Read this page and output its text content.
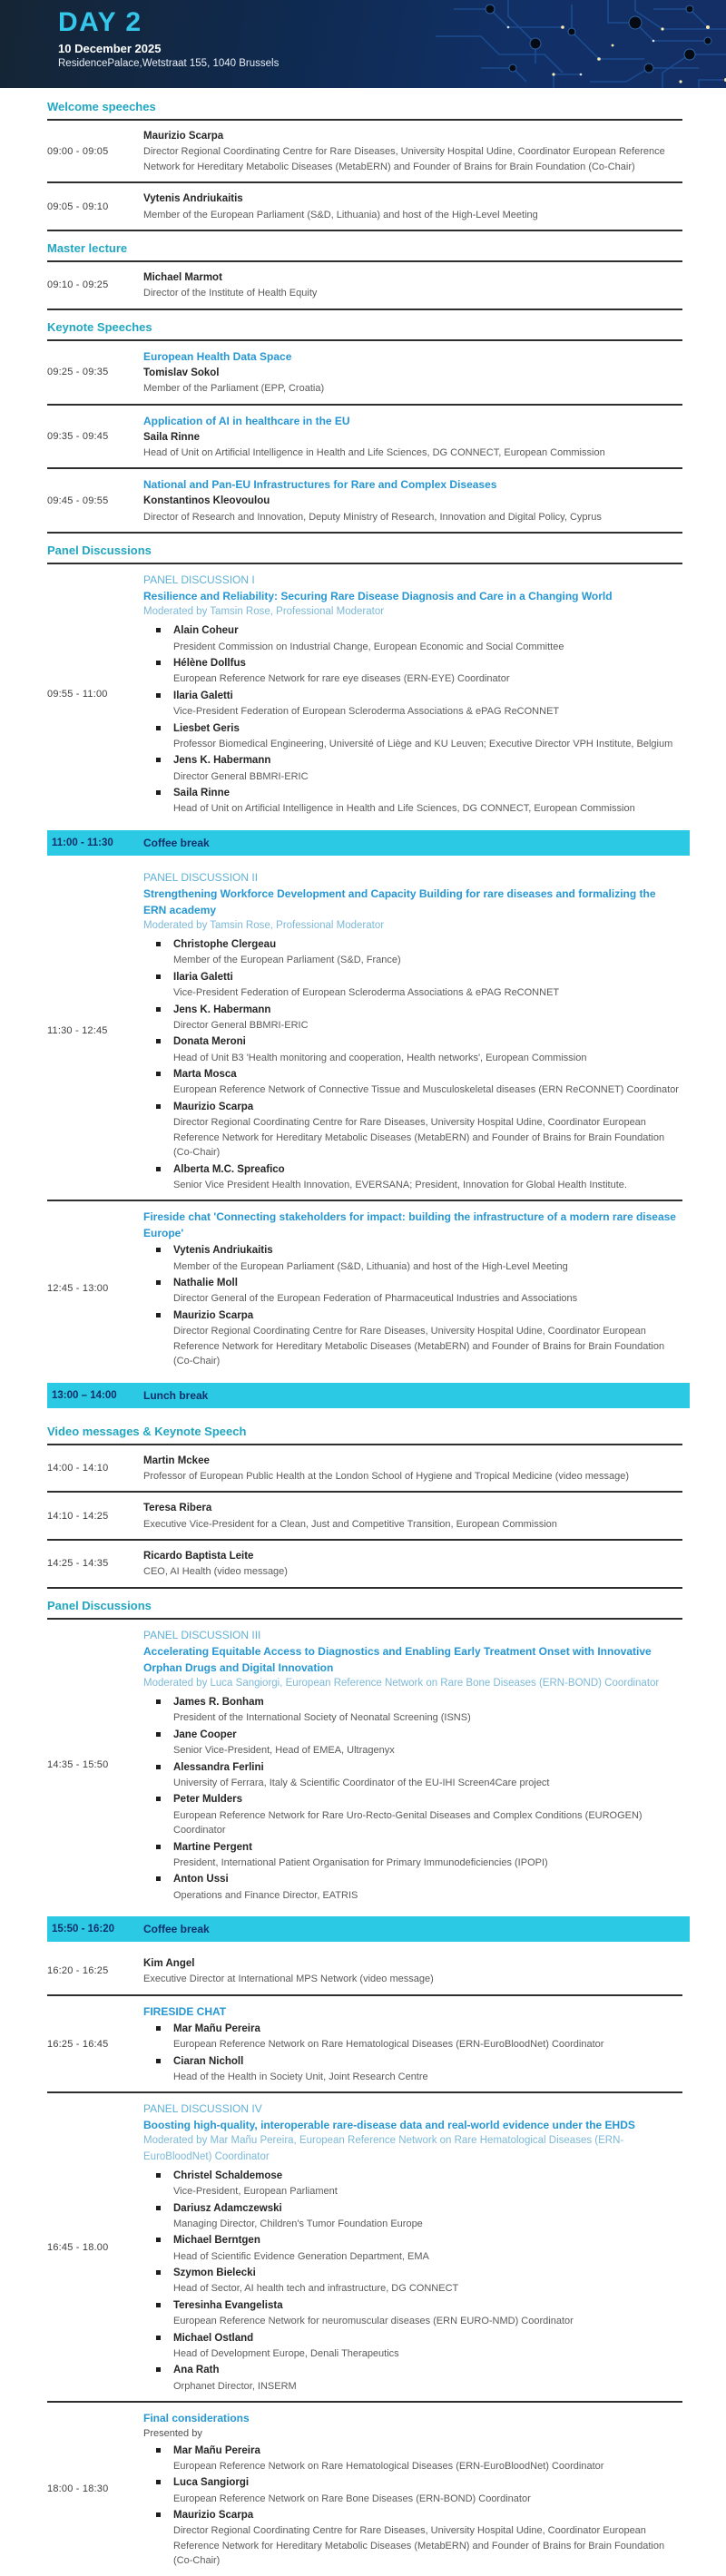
DAY 2
10 December 2025
ResidencePalace,Wetstraat 155, 1040 Brussels
Welcome speeches
09:00 - 09:05
Maurizio Scarpa
Director Regional Coordinating Centre for Rare Diseases, University Hospital Udine, Coordinator European Reference Network for Hereditary Metabolic Diseases (MetabERN) and Founder of Brains for Brain Foundation (Co-Chair)
09:05 - 09:10
Vytenis Andriukaitis
Member of the European Parliament (S&D, Lithuania) and host of the High-Level Meeting
Master lecture
09:10 - 09:25
Michael Marmot
Director of the Institute of Health Equity
Keynote Speeches
09:25 - 09:35
European Health Data Space
Tomislav Sokol
Member of the Parliament (EPP, Croatia)
09:35 - 09:45
Application of AI in healthcare in the EU
Saila Rinne
Head of Unit on Artificial Intelligence in Health and Life Sciences, DG CONNECT, European Commission
09:45 - 09:55
National and Pan-EU Infrastructures for Rare and Complex Diseases
Konstantinos Kleovoulou
Director of Research and Innovation, Deputy Ministry of Research, Innovation and Digital Policy, Cyprus
Panel Discussions
09:55 - 11:00
PANEL DISCUSSION I
Resilience and Reliability: Securing Rare Disease Diagnosis and Care in a Changing World
Moderated by Tamsin Rose, Professional Moderator
Alain Coheur
President Commission on Industrial Change, European Economic and Social Committee
Hélène Dollfus
European Reference Network for rare eye diseases (ERN-EYE) Coordinator
Ilaria Galetti
Vice-President Federation of European Scleroderma Associations & ePAG ReCONNET
Liesbet Geris
Professor Biomedical Engineering, Université of Liège and KU Leuven; Executive Director VPH Institute, Belgium
Jens K. Habermann
Director General BBMRI-ERIC
Saila Rinne
Head of Unit on Artificial Intelligence in Health and Life Sciences, DG CONNECT, European Commission
11:00 - 11:30	Coffee break
11:30 - 12:45
PANEL DISCUSSION II
Strengthening Workforce Development and Capacity Building for rare diseases and formalizing the ERN academy
Moderated by Tamsin Rose, Professional Moderator
Christophe Clergeau
Member of the European Parliament (S&D, France)
Ilaria Galetti
Vice-President Federation of European Scleroderma Associations & ePAG ReCONNET
Jens K. Habermann
Director General BBMRI-ERIC
Donata Meroni
Head of Unit B3 'Health monitoring and cooperation, Health networks', European Commission
Marta Mosca
European Reference Network of Connective Tissue and Musculoskeletal diseases (ERN ReCONNET) Coordinator
Maurizio Scarpa
Director Regional Coordinating Centre for Rare Diseases, University Hospital Udine, Coordinator European Reference Network for Hereditary Metabolic Diseases (MetabERN) and Founder of Brains for Brain Foundation (Co-Chair)
Alberta M.C. Spreafico
Senior Vice President Health Innovation, EVERSANA; President, Innovation for Global Health Institute.
12:45 - 13:00
Fireside chat 'Connecting stakeholders for impact: building the infrastructure of a modern rare disease Europe'
Vytenis Andriukaitis
Member of the European Parliament (S&D, Lithuania) and host of the High-Level Meeting
Nathalie Moll
Director General of the European Federation of Pharmaceutical Industries and Associations
Maurizio Scarpa
Director Regional Coordinating Centre for Rare Diseases, University Hospital Udine, Coordinator European Reference Network for Hereditary Metabolic Diseases (MetabERN) and Founder of Brains for Brain Foundation (Co-Chair)
13:00 – 14:00	Lunch break
Video messages & Keynote Speech
14:00 - 14:10
Martin Mckee
Professor of European Public Health at the London School of Hygiene and Tropical Medicine (video message)
14:10 - 14:25
Teresa Ribera
Executive Vice-President for a Clean, Just and Competitive Transition, European Commission
14:25 - 14:35
Ricardo Baptista Leite
CEO, AI Health (video message)
Panel Discussions
14:35 - 15:50
PANEL DISCUSSION III
Accelerating Equitable Access to Diagnostics and Enabling Early Treatment Onset with Innovative Orphan Drugs and Digital Innovation
Moderated by Luca Sangiorgi, European Reference Network on Rare Bone Diseases (ERN-BOND) Coordinator
James R. Bonham
President of the International Society of Neonatal Screening (ISNS)
Jane Cooper
Senior Vice-President, Head of EMEA, Ultragenyx
Alessandra Ferlini
University of Ferrara, Italy & Scientific Coordinator of the EU-IHI Screen4Care project
Peter Mulders
European Reference Network for Rare Uro-Recto-Genital Diseases and Complex Conditions (EUROGEN) Coordinator
Martine Pergent
President, International Patient Organisation for Primary Immunodeficiencies (IPOPI)
Anton Ussi
Operations and Finance Director, EATRIS
15:50 - 16:20	Coffee break
16:20 - 16:25
Kim Angel
Executive Director at International MPS Network (video message)
16:25 - 16:45
FIRESIDE CHAT
Mar Mañu Pereira
European Reference Network on Rare Hematological Diseases (ERN-EuroBloodNet) Coordinator
Ciaran Nicholl
Head of the Health in Society Unit, Joint Research Centre
16:45 - 18.00
PANEL DISCUSSION IV
Boosting high-quality, interoperable rare-disease data and real-world evidence under the EHDS
Moderated by Mar Mañu Pereira, European Reference Network on Rare Hematological Diseases (ERN-EuroBloodNet) Coordinator
Christel Schaldemose
Vice-President, European Parliament
Dariusz Adamczewski
Managing Director, Children's Tumor Foundation Europe
Michael Berntgen
Head of Scientific Evidence Generation Department, EMA
Szymon Bielecki
Head of Sector, AI health tech and infrastructure, DG CONNECT
Teresinha Evangelista
European Reference Network for neuromuscular diseases (ERN EURO-NMD) Coordinator
Michael Ostland
Head of Development Europe, Denali Therapeutics
Ana Rath
Orphanet Director, INSERM
18:00 - 18:30
Final considerations
Presented by
Mar Mañu Pereira
European Reference Network on Rare Hematological Diseases (ERN-EuroBloodNet) Coordinator
Luca Sangiorgi
European Reference Network on Rare Bone Diseases (ERN-BOND) Coordinator
Maurizio Scarpa
Director Regional Coordinating Centre for Rare Diseases, University Hospital Udine, Coordinator European Reference Network for Hereditary Metabolic Diseases (MetabERN) and Founder of Brains for Brain Foundation (Co-Chair)
